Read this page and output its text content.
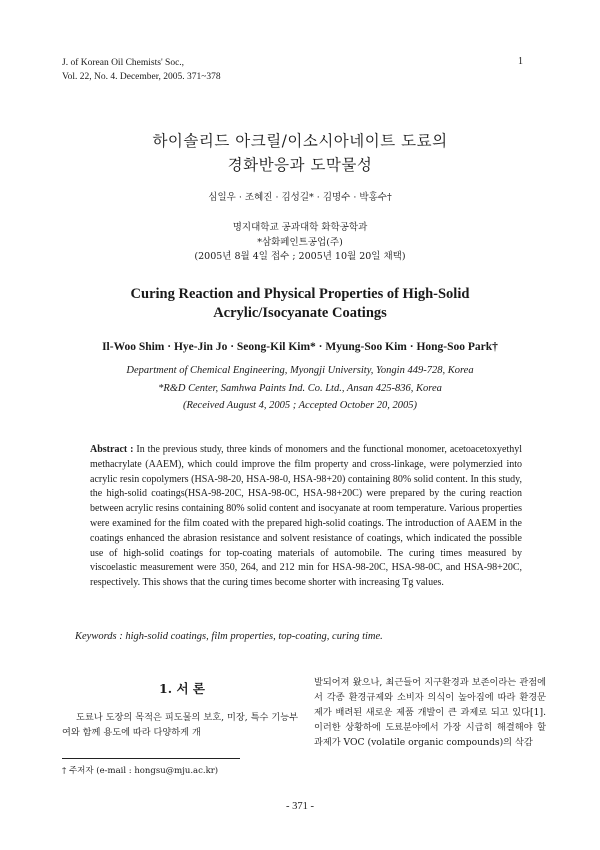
J. of Korean Oil Chemists' Soc.,
Vol. 22, No. 4. December, 2005. 371~378
1
하이솔리드 아크릴/이소시아네이트 도료의
경화반응과 도막물성
심일우 · 조혜진 · 김성길* · 김명수 · 박홍수†
명지대학교 공과대학 화학공학과
*삼화페인트공업(주)
(2005년 8월 4일 접수 ; 2005년 10월 20일 채택)
Curing Reaction and Physical Properties of High-Solid
Acrylic/Isocyanate Coatings
Il-Woo Shim · Hye-Jin Jo · Seong-Kil Kim* · Myung-Soo Kim · Hong-Soo Park†
Department of Chemical Engineering, Myongji University, Yongin 449-728, Korea
*R&D Center, Samhwa Paints Ind. Co. Ltd., Ansan 425-836, Korea
(Received August 4, 2005 ; Accepted October 20, 2005)
Abstract : In the previous study, three kinds of monomers and the functional monomer, acetoacetoxyethyl methacrylate (AAEM), which could improve the film property and cross-linkage, were polymerzied into acrylic resin copolymers (HSA-98-20, HSA-98-0, HSA-98+20) containing 80% solid content. In this study, the high-solid coatings(HSA-98-20C, HSA-98-0C, HSA-98+20C) were prepared by the curing reaction between acrylic resins containing 80% solid content and isocyanate at room temperature. Various properties were examined for the film coated with the prepared high-solid coatings. The introduction of AAEM in the coatings enhanced the abrasion resistance and solvent resistance of coatings, which indicated the possible use of high-solid coatings for top-coating materials of automobile. The curing times measured by viscoelastic measurement were 350, 264, and 212 min for HSA-98-20C, HSA-98-0C, and HSA-98+20C, respectively. This shows that the curing times become shorter with increasing Tg values.
Keywords : high-solid coatings, film properties, top-coating, curing time.
1. 서 론
도료나 도장의 목적은 피도물의 보호, 미장, 특수 기능부여와 함께 용도에 따라 다양하게 개
† 주저자 (e-mail : hongsu@mju.ac.kr)
발되어져 왔으나, 최근들어 지구환경과 보존이라는 관점에서 각종 환경규제와 소비자 의식이 높아짐에 따라 환경문제가 배려된 새로운 제품 개발이 큰 과제로 되고 있다[1]. 이러한 상황하에 도료분야에서 가장 시급히 해결해야 할 과제가 VOC (volatile organic compounds)의 삭감
- 371 -
